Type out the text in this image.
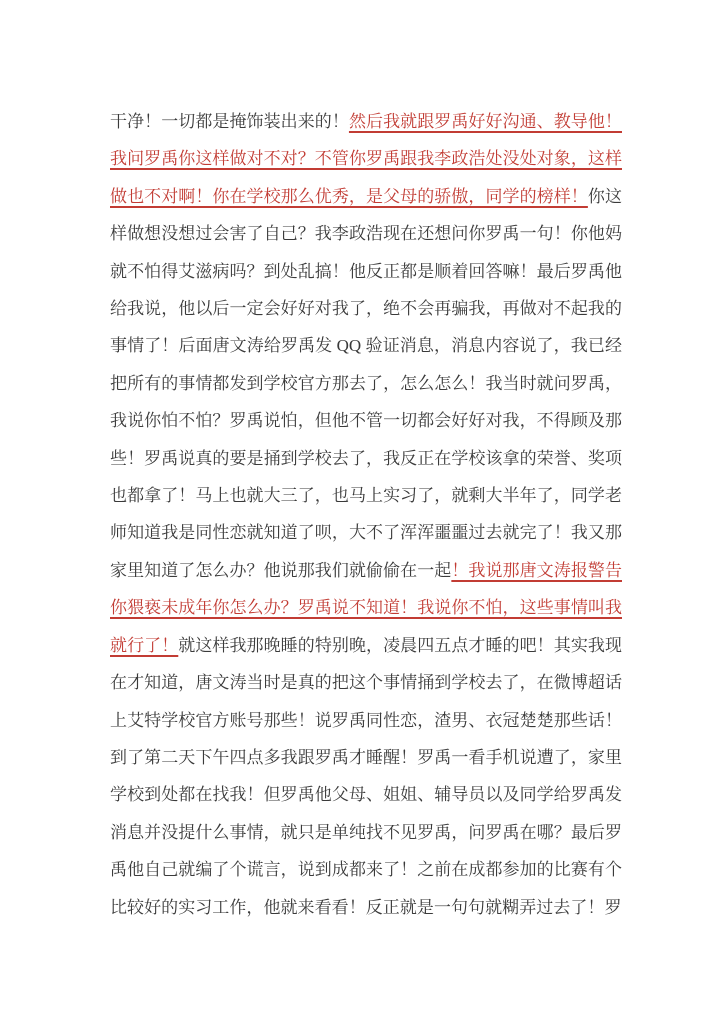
干净！一切都是掩饰装出来的！然后我就跟罗禹好好沟通、教导他！我问罗禹你这样做对不对？不管你罗禹跟我李政浩处没处对象，这样做也不对啊！你在学校那么优秀，是父母的骄傲，同学的榜样！你这样做想没想过会害了自己？我李政浩现在还想问你罗禹一句！你他妈就不怕得艾滋病吗？到处乱搞！他反正都是顺着回答嘛！最后罗禹他给我说，他以后一定会好好对我了，绝不会再骗我，再做对不起我的事情了！后面唐文涛给罗禹发 QQ 验证消息，消息内容说了，我已经把所有的事情都发到学校官方那去了，怎么怎么！我当时就问罗禹，我说你怕不怕？罗禹说怕，但他不管一切都会好好对我，不得顾及那些！罗禹说真的要是捅到学校去了，我反正在学校该拿的荣誉、奖项也都拿了！马上也就大三了，也马上实习了，就剩大半年了，同学老师知道我是同性恋就知道了呗，大不了浑浑噩噩过去就完了！我又那家里知道了怎么办？他说那我们就偷偷在一起！我说那唐文涛报警告你猥亵未成年你怎么办？罗禹说不知道！我说你不怕，这些事情叫我就行了！就这样我那晚睡的特别晚，凌晨四五点才睡的吧！其实我现在才知道，唐文涛当时是真的把这个事情捅到学校去了，在微博超话上艾特学校官方账号那些！说罗禹同性恋，渣男、衣冠楚楚那些话！到了第二天下午四点多我跟罗禹才睡醒！罗禹一看手机说遭了，家里学校到处都在找我！但罗禹他父母、姐姐、辅导员以及同学给罗禹发消息并没提什么事情，就只是单纯找不见罗禹，问罗禹在哪？最后罗禹他自己就编了个谎言，说到成都来了！之前在成都参加的比赛有个比较好的实习工作，他就来看看！反正就是一句句就糊弄过去了！罗
